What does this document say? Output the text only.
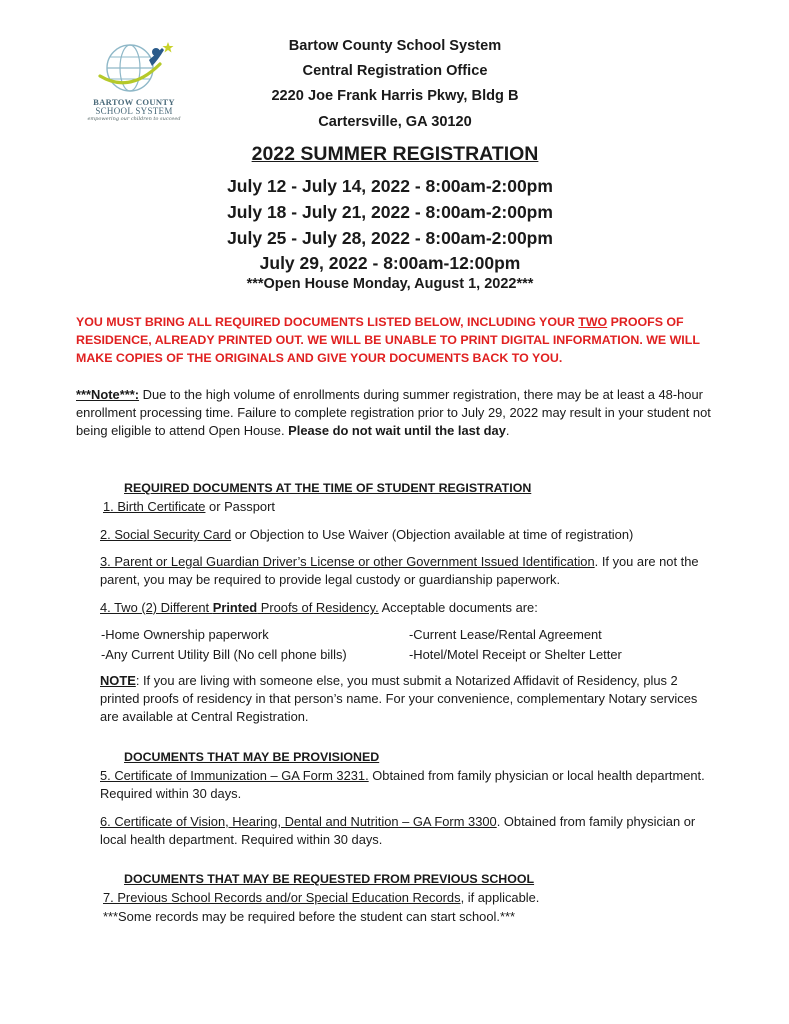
BARTOW COUNTY
SCHOOL SYSTEM
empowering our children to succeed
Bartow County School System
Central Registration Office
2220 Joe Frank Harris Pkwy, Bldg B
Cartersville, GA 30120
2022 SUMMER REGISTRATION
July 12 - July 14, 2022 - 8:00am-2:00pm
July 18 - July 21, 2022 - 8:00am-2:00pm
July 25 - July 28, 2022 - 8:00am-2:00pm
July 29, 2022 - 8:00am-12:00pm
***Open House Monday, August 1, 2022***
YOU MUST BRING ALL REQUIRED DOCUMENTS LISTED BELOW, INCLUDING YOUR TWO PROOFS OF RESIDENCE, ALREADY PRINTED OUT. WE WILL BE UNABLE TO PRINT DIGITAL INFORMATION. WE WILL MAKE COPIES OF THE ORIGINALS AND GIVE YOUR DOCUMENTS BACK TO YOU.
***Note***: Due to the high volume of enrollments during summer registration, there may be at least a 48-hour enrollment processing time. Failure to complete registration prior to July 29, 2022 may result in your student not being eligible to attend Open House. Please do not wait until the last day.
REQUIRED DOCUMENTS AT THE TIME OF STUDENT REGISTRATION
1. Birth Certificate or Passport
2. Social Security Card or Objection to Use Waiver (Objection available at time of registration)
3. Parent or Legal Guardian Driver’s License or other Government Issued Identification. If you are not the parent, you may be required to provide legal custody or guardianship paperwork.
4. Two (2) Different Printed Proofs of Residency. Acceptable documents are:
-Home Ownership paperwork
-Any Current Utility Bill (No cell phone bills)
-Current Lease/Rental Agreement
-Hotel/Motel Receipt or Shelter Letter
NOTE: If you are living with someone else, you must submit a Notarized Affidavit of Residency, plus 2 printed proofs of residency in that person’s name. For your convenience, complementary Notary services are available at Central Registration.
DOCUMENTS THAT MAY BE PROVISIONED
5. Certificate of Immunization – GA Form 3231. Obtained from family physician or local health department. Required within 30 days.
6. Certificate of Vision, Hearing, Dental and Nutrition – GA Form 3300. Obtained from family physician or local health department. Required within 30 days.
DOCUMENTS THAT MAY BE REQUESTED FROM PREVIOUS SCHOOL
7. Previous School Records and/or Special Education Records, if applicable.
***Some records may be required before the student can start school.***
